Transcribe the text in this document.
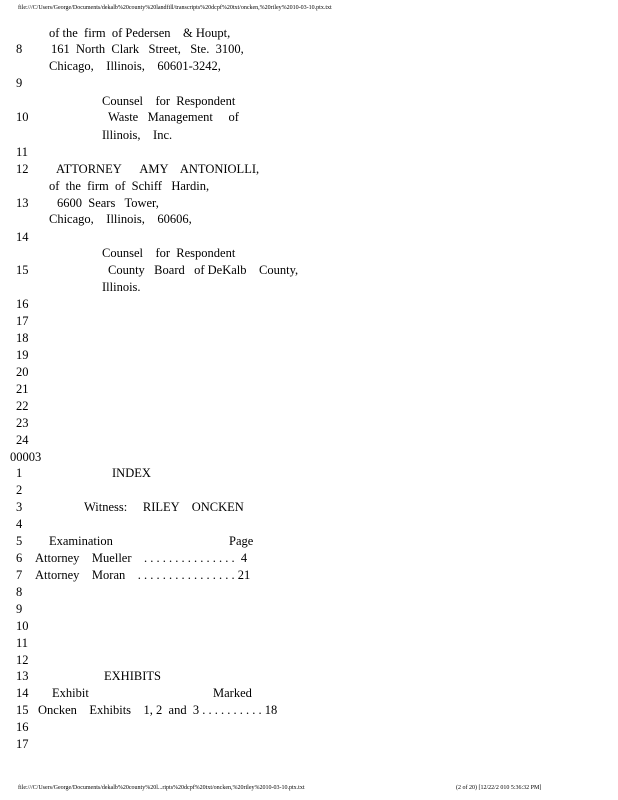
file:///C/Users/George/Documents/dekalb%20county%20landfill/transcripts%20dcpf%20txt/oncken,%20riley%2010-03-10.ptx.txt
8
9
10
11
12
13
14
15
16
17
18
19
20
21
22
23
24
of the  firm  of Pedersen    & Houpt,
161  North  Clark   Street,   Ste.  3100,
Chicago,    Illinois,    60601-3242,
Counsel    for  Respondent
Waste   Management     of
Illinois,    Inc.
ATTORNEY      AMY    ANTONIOLLI,
of  the  firm  of  Schiff   Hardin,
6600  Sears   Tower,
Chicago,    Illinois,    60606,
Counsel    for  Respondent
County   Board   of DeKalb    County,
Illinois.
00003
1
2
3
4
5
6
7
8
9
10
11
12
13
14
15
16
17
INDEX
Witness:     RILEY    ONCKEN
Examination	Page
Attorney    Mueller    . . . . . . . . . . . . . . .  4
Attorney    Moran    . . . . . . . . . . . . . . . . 21
EXHIBITS
Exhibit	Marked
Oncken    Exhibits    1, 2  and  3 . . . . . . . . . . 18
file:///C/Users/George/Documents/dekalb%20county%20l...ripts%20dcpf%20txt/oncken,%20riley%2010-03-10.ptx.txt	(2 of 20) [12/22/2 010 5:36:32 PM]
